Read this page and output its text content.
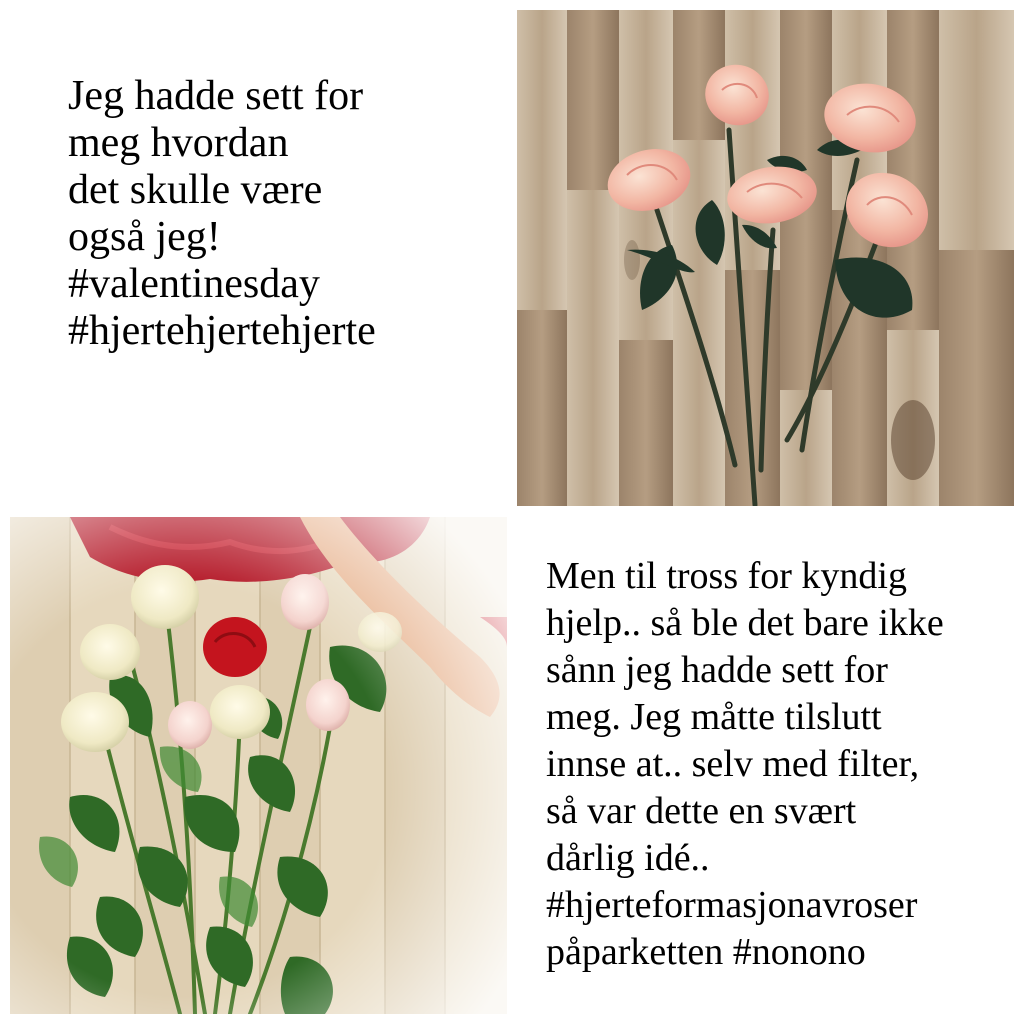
Jeg hadde sett for
meg hvordan
det skulle være
også jeg!
#valentinesday
#hjertehjertehjerte
Men til tross for kyndig
hjelp.. så ble det bare ikke
sånn jeg hadde sett for
meg. Jeg måtte tilslutt
innse at.. selv med filter,
så var dette en svært
dårlig idé..
#hjerteformasjonavroser
påparketten #nonono
